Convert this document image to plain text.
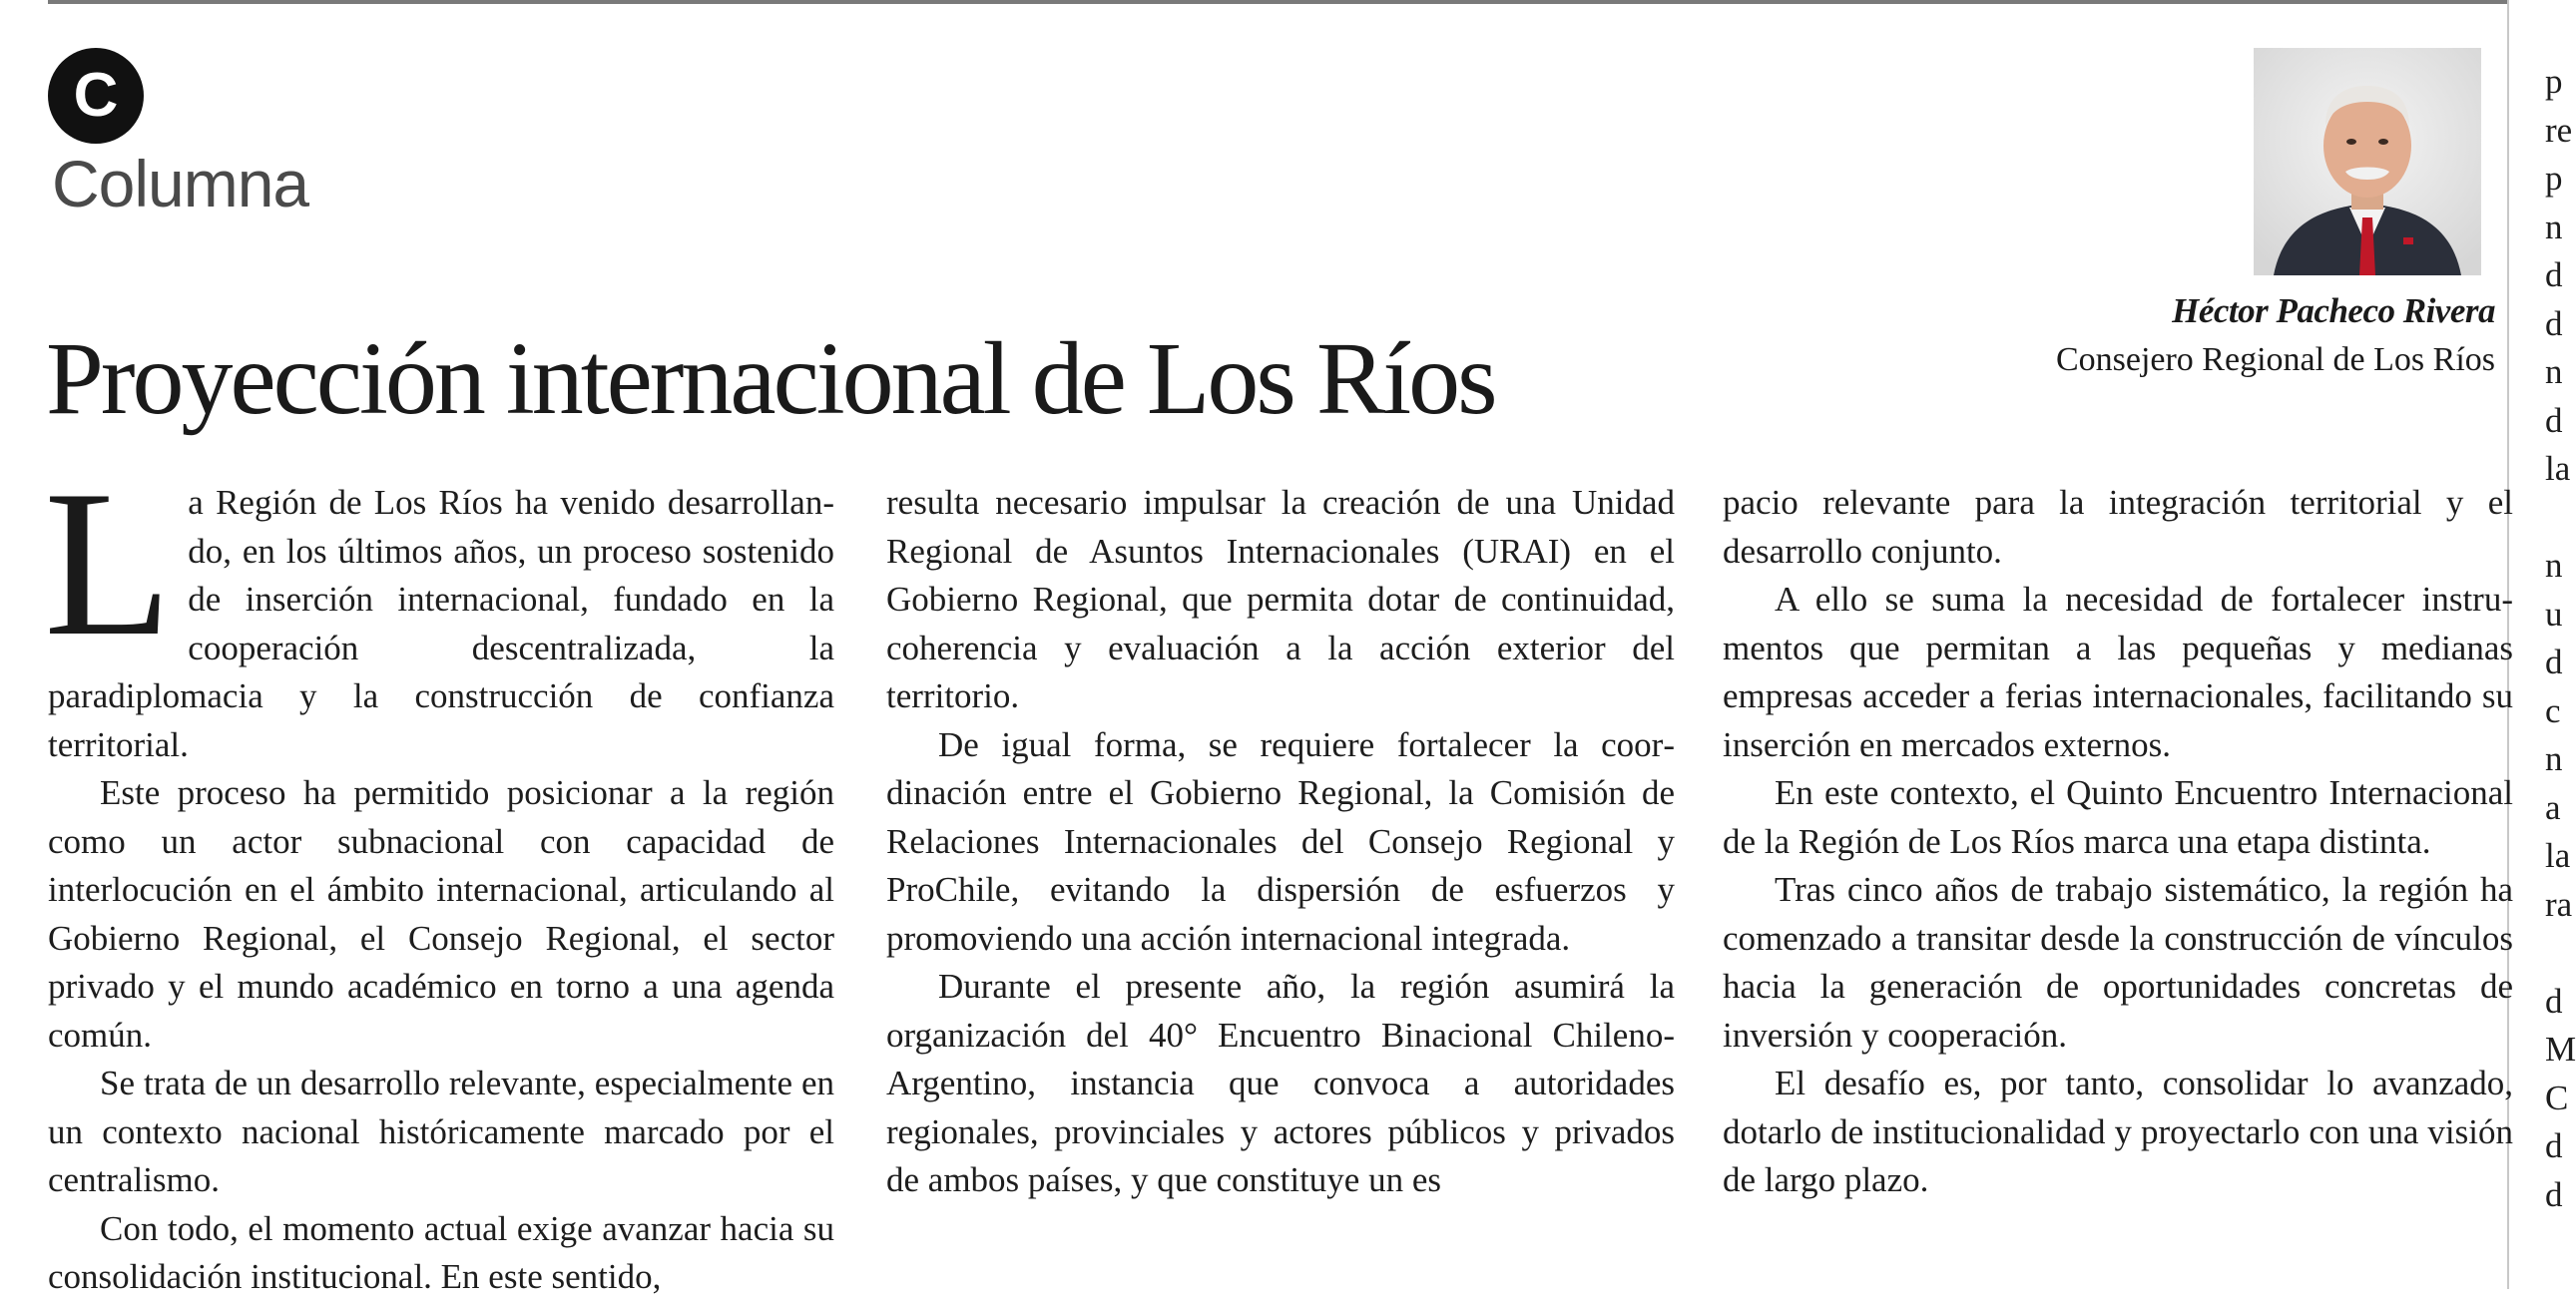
C
Columna
Héctor Pacheco Rivera
Consejero Regional de Los Ríos
Proyección internacional de Los Ríos
L a Región de Los Ríos ha venido desarrollando, en los últimos años, un proceso sostenido de inserción internacional, fundado en la cooperación descentralizada, la paradiplomacia y la construcción de confianza territorial.

Este proceso ha permitido posicionar a la región como un actor subnacional con capacidad de interlocución en el ámbito internacional, articulando al Gobierno Regional, el Consejo Regional, el sector privado y el mundo académico en torno a una agenda común.

Se trata de un desarrollo relevante, especialmente en un contexto nacional históricamente marcado por el centralismo.

Con todo, el momento actual exige avanzar hacia su consolidación institucional. En este sentido,

resulta necesario impulsar la creación de una Unidad Regional de Asuntos Internacionales (URAI) en el Gobierno Regional, que permita dotar de continuidad, coherencia y evaluación a la acción exterior del territorio.

De igual forma, se requiere fortalecer la coordinación entre el Gobierno Regional, la Comisión de Relaciones Internacionales del Consejo Regional y ProChile, evitando la dispersión de esfuerzos y promoviendo una acción internacional integrada.

Durante el presente año, la región asumirá la organización del 40° Encuentro Binacional Chileno-Argentino, instancia que convoca a autoridades regionales, provinciales y actores públicos y privados de ambos países, y que constituye un es

pacio relevante para la integración territorial y el desarrollo conjunto.

A ello se suma la necesidad de fortalecer instrumentos que permitan a las pequeñas y medianas empresas acceder a ferias internacionales, facilitando su inserción en mercados externos.

En este contexto, el Quinto Encuentro Internacional de la Región de Los Ríos marca una etapa distinta.

Tras cinco años de trabajo sistemático, la región ha comenzado a transitar desde la construcción de vínculos hacia la generación de oportunidades concretas de inversión y cooperación.

El desafío es, por tanto, consolidar lo avanzado, dotarlo de institucionalidad y proyectarlo con una visión de largo plazo.

p
re
p
n
d
d
n
d
la
n
u
d
c
n
a
la
ra
d
M
C
d
d
